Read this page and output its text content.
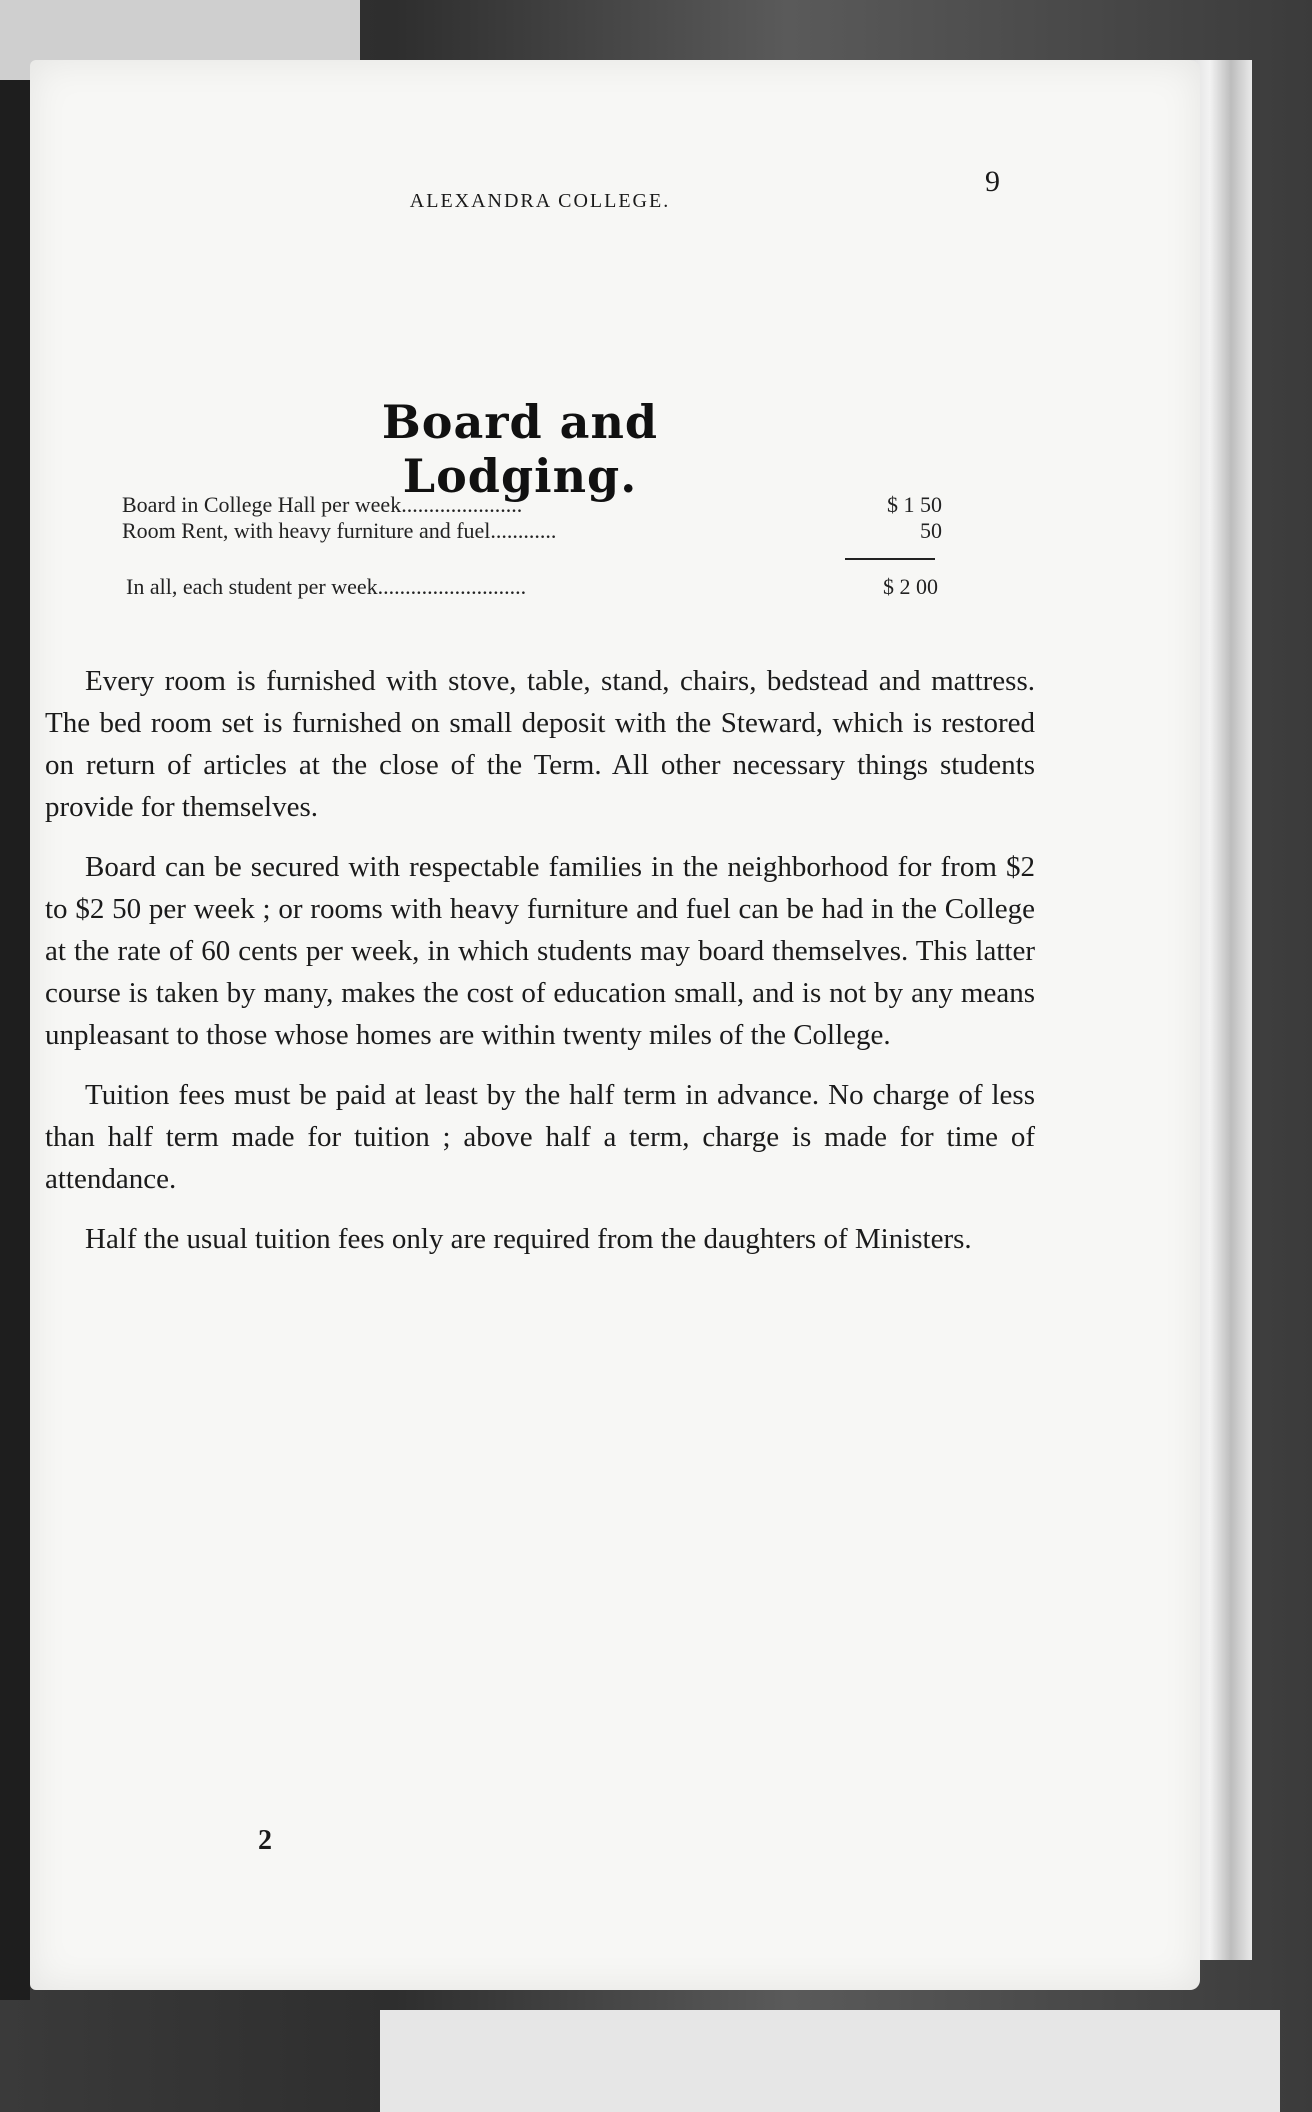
ALEXANDRA COLLEGE.
9
Board and Lodging.
Board in College Hall per week......................	$ 1 50
Room Rent, with heavy furniture and fuel............	50
In all, each student per week...........................	$ 2 00

Every room is furnished with stove, table, stand, chairs, bedstead and mattress. The bed room set is furnished on small deposit with the Steward, which is restored on return of articles at the close of the Term. All other necessary things students provide for themselves.

Board can be secured with respectable families in the neighborhood for from $2 to $2 50 per week ; or rooms with heavy furniture and fuel can be had in the College at the rate of 60 cents per week, in which students may board themselves. This latter course is taken by many, makes the cost of education small, and is not by any means unpleasant to those whose homes are within twenty miles of the College.

Tuition fees must be paid at least by the half term in advance. No charge of less than half term made for tuition ; above half a term, charge is made for time of attendance.

Half the usual tuition fees only are required from the daughters of Ministers.

2
